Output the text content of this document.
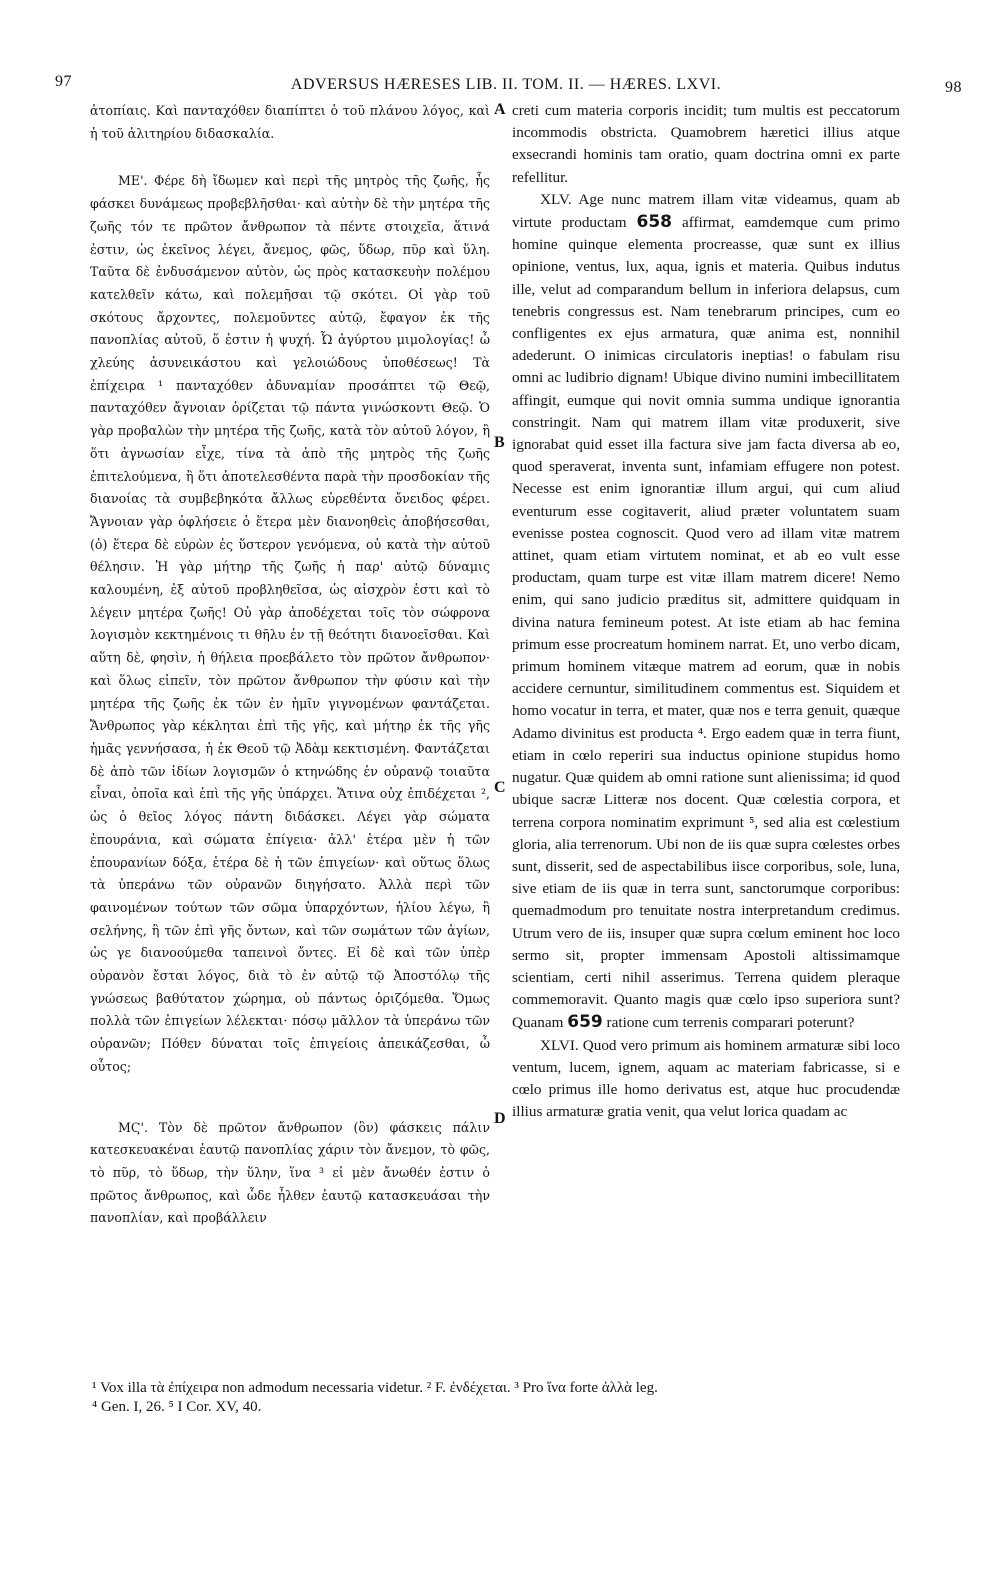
97	ADVERSUS HÆRESES LIB. II. TOM. II. — HÆRES. LXVI.	98

ἀτοπίαις. Καὶ πανταχόθεν διαπίπτει ὁ τοῦ πλάνου λόγος, καὶ ἡ τοῦ ἀλιτηρίου διδασκαλία.

ΜΕ'. Φέρε δὴ ἴδωμεν καὶ περὶ τῆς μητρὸς τῆς ζωῆς, ἧς φάσκει δυνάμεως προβεβλῆσθαι· καὶ αὐτὴν δὲ τὴν μητέρα τῆς ζωῆς τόν τε πρῶτον ἄνθρωπον τὰ πέντε στοιχεῖα, ἅτινά ἐστιν, ὡς ἐκεῖνος λέγει, ἄνεμος, φῶς, ὕδωρ, πῦρ καὶ ὕλη. Ταῦτα δὲ ἐνδυσάμενον αὐτὸν, ὡς πρὸς κατασκευὴν πολέμου κατελθεῖν κάτω, καὶ πολεμῆσαι τῷ σκότει. Οἱ γὰρ τοῦ σκότους ἄρχοντες, πολεμοῦντες αὐτῷ, ἔφαγον ἐκ τῆς πανοπλίας αὐτοῦ, ὅ ἐστιν ἡ ψυχή. Ὦ ἀγύρτου μιμολογίας! ὦ χλεύης ἀσυνεικάστου καὶ γελοιώδους ὑποθέσεως! Τὰ ἐπίχειρα ¹ πανταχόθεν ἀδυναμίαν προσάπτει τῷ Θεῷ, πανταχόθεν ἄγνοιαν ὁρίζεται τῷ πάντα γινώσκοντι Θεῷ. Ὁ γὰρ προβαλὼν τὴν μητέρα τῆς ζωῆς, κατὰ τὸν αὐτοῦ λόγον, ἢ ὅτι ἀγνωσίαν εἶχε, τίνα τὰ ἀπὸ τῆς μητρὸς τῆς ζωῆς ἐπιτελούμενα, ἢ ὅτι ἀποτελεσθέντα παρὰ τὴν προσδοκίαν τῆς διανοίας τὰ συμβεβηκότα ἄλλως εὑρεθέντα ὄνειδος φέρει. Ἄγνοιαν γὰρ ὀφλήσειε ὁ ἕτερα μὲν διανοηθεὶς ἀποβήσεσθαι, (ὁ) ἕτερα δὲ εὑρὼν ἐς ὕστερον γενόμενα, οὐ κατὰ τὴν αὐτοῦ θέλησιν. Ἡ γὰρ μήτηρ τῆς ζωῆς ἡ παρ' αὐτῷ δύναμις καλουμένη, ἐξ αὐτοῦ προβληθεῖσα, ὡς αἰσχρὸν ἐστι καὶ τὸ λέγειν μητέρα ζωῆς! Οὐ γὰρ ἀποδέχεται τοῖς τὸν σώφρονα λογισμὸν κεκτημένοις τι θῆλυ ἐν τῇ θεότητι διανοεῖσθαι. Καὶ αὕτη δὲ, φησὶν, ἡ θήλεια προεβάλετο τὸν πρῶτον ἄνθρωπον· καὶ ὅλως εἰπεῖν, τὸν πρῶτον ἄνθρωπον τὴν φύσιν καὶ τὴν μητέρα τῆς ζωῆς ἐκ τῶν ἐν ἡμῖν γιγνομένων φαντάζεται. Ἄνθρωπος γὰρ κέκληται ἐπὶ τῆς γῆς, καὶ μήτηρ ἐκ τῆς γῆς ἡμᾶς γεννήσασα, ἡ ἐκ Θεοῦ τῷ Ἀδὰμ κεκτισμένη. Φαντάζεται δὲ ἀπὸ τῶν ἰδίων λογισμῶν ὁ κτηνώδης ἐν οὐρανῷ τοιαῦτα εἶναι, ὁποῖα καὶ ἐπὶ τῆς γῆς ὑπάρχει. Ἅτινα οὐχ ἐπιδέχεται ², ὡς ὁ θεῖος λόγος πάντη διδάσκει. Λέγει γὰρ σώματα ἐπουράνια, καὶ σώματα ἐπίγεια· ἀλλ' ἑτέρα μὲν ἡ τῶν ἐπουρανίων δόξα, ἑτέρα δὲ ἡ τῶν ἐπιγείων· καὶ οὕτως ὅλως τὰ ὑπεράνω τῶν οὐρανῶν διηγήσατο. Ἀλλὰ περὶ τῶν φαινομένων τούτων τῶν σῶμα ὑπαρχόντων, ἡλίου λέγω, ἢ σελήνης, ἢ τῶν ἐπὶ γῆς ὄντων, καὶ τῶν σωμάτων τῶν ἁγίων, ὡς γε διανοούμεθα ταπεινοὶ ὄντες. Εἰ δὲ καὶ τῶν ὑπὲρ οὐρανὸν ἔσται λόγος, διὰ τὸ ἐν αὐτῷ τῷ Ἀποστόλῳ τῆς γνώσεως βαθύτατον χώρημα, οὐ πάντως ὁριζόμεθα. Ὅμως πολλὰ τῶν ἐπιγείων λέλεκται· πόσῳ μᾶλλον τὰ ὑπεράνω τῶν οὐρανῶν; Πόθεν δύναται τοῖς ἐπιγείοις ἀπεικάζεσθαι, ὦ οὗτος;

ΜϚ'. Τὸν δὲ πρῶτον ἄνθρωπον (ὃν) φάσκεις πάλιν κατεσκευακέναι ἑαυτῷ πανοπλίας χάριν τὸν ἄνεμον, τὸ φῶς, τὸ πῦρ, τὸ ὕδωρ, τὴν ὕλην, ἵνα ³ εἰ μὲν ἄνωθέν ἐστιν ὁ πρῶτος ἄνθρωπος, καὶ ὧδε ἦλθεν ἑαυτῷ κατασκευάσαι τὴν πανοπλίαν, καὶ προβάλλειν

A
B
C
D

creti cum materia corporis incidit; tum multis est peccatorum incommodis obstricta. Quamobrem hæretici illius atque exsecrandi hominis tam oratio, quam doctrina omni ex parte refellitur.

XLV. Age nunc matrem illam vitæ videamus, quam ab virtute productam 658 affirmat, eamdemque cum primo homine quinque elementa procreasse, quæ sunt ex illius opinione, ventus, lux, aqua, ignis et materia. Quibus indutus ille, velut ad comparandum bellum in inferiora delapsus, cum tenebris congressus est. Nam tenebrarum principes, cum eo confligentes ex ejus armatura, quæ anima est, nonnihil adederunt. O inimicas circulatoris ineptias! o fabulam risu omni ac ludibrio dignam! Ubique divino numini imbecillitatem affingit, eumque qui novit omnia summa undique ignorantia constringit. Nam qui matrem illam vitæ produxerit, sive ignorabat quid esset illa factura sive jam facta diversa ab eo, quod speraverat, inventa sunt, infamiam effugere non potest. Necesse est enim ignorantiæ illum argui, qui cum aliud eventurum esse cogitaverit, aliud præter voluntatem suam evenisse postea cognoscit. Quod vero ad illam vitæ matrem attinet, quam etiam virtutem nominat, et ab eo vult esse productam, quam turpe est vitæ illam matrem dicere! Nemo enim, qui sano judicio præditus sit, admittere quidquam in divina natura femineum potest. At iste etiam ab hac femina primum esse procreatum hominem narrat. Et, uno verbo dicam, primum hominem vitæque matrem ad eorum, quæ in nobis accidere cernuntur, similitudinem commentus est. Siquidem et homo vocatur in terra, et mater, quæ nos e terra genuit, quæque Adamo divinitus est producta ⁴. Ergo eadem quæ in terra fiunt, etiam in cœlo reperiri sua inductus opinione stupidus homo nugatur. Quæ quidem ab omni ratione sunt alienissima; id quod ubique sacræ Litteræ nos docent. Quæ cœlestia corpora, et terrena corpora nominatim exprimunt ⁵, sed alia est cœlestium gloria, alia terrenorum. Ubi non de iis quæ supra cœlestes orbes sunt, disserit, sed de aspectabilibus iisce corporibus, sole, luna, sive etiam de iis quæ in terra sunt, sanctorumque corporibus: quemadmodum pro tenuitate nostra interpretandum credimus. Utrum vero de iis, insuper quæ supra cœlum eminent hoc loco sermo sit, propter immensam Apostoli altissimamque scientiam, certi nihil asserimus. Terrena quidem pleraque commemoravit. Quanto magis quæ cœlo ipso superiora sunt? Quanam 659 ratione cum terrenis comparari poterunt?

XLVI. Quod vero primum ais hominem armaturæ sibi loco ventum, lucem, ignem, aquam ac materiam fabricasse, si e cœlo primus ille homo derivatus est, atque huc procudendæ illius armaturæ gratia venit, qua velut lorica quadam ac

¹ Vox illa τὰ ἐπίχειρα non admodum necessaria videtur. ² F. ἐνδέχεται. ³ Pro ἵνα forte ἀλλὰ leg.

⁴ Gen. I, 26. ⁵ I Cor. XV, 40.
